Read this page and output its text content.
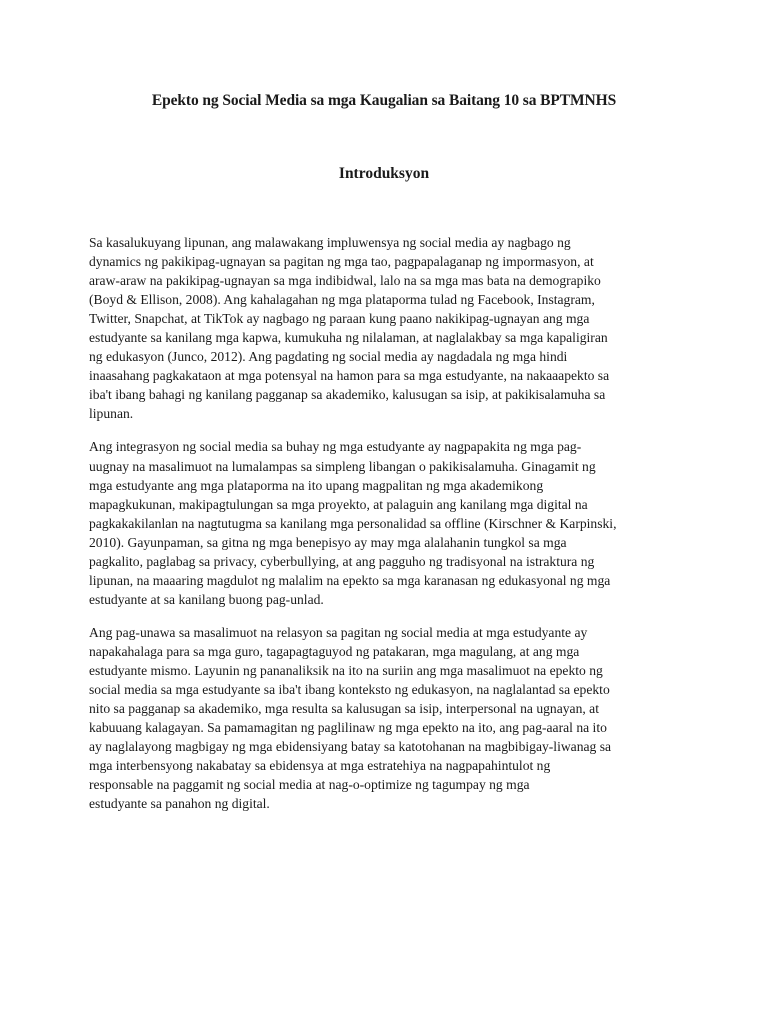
Epekto ng Social Media sa mga Kaugalian sa Baitang 10 sa BPTMNHS
Introduksyon

Sa kasalukuyang lipunan, ang malawakang impluwensya ng social media ay nagbago ng
dynamics ng pakikipag-ugnayan sa pagitan ng mga tao, pagpapalaganap ng impormasyon, at
araw-araw na pakikipag-ugnayan sa mga indibidwal, lalo na sa mga mas bata na demograpiko
(Boyd & Ellison, 2008). Ang kahalagahan ng mga plataporma tulad ng Facebook, Instagram,
Twitter, Snapchat, at TikTok ay nagbago ng paraan kung paano nakikipag-ugnayan ang mga
estudyante sa kanilang mga kapwa, kumukuha ng nilalaman, at naglalakbay sa mga kapaligiran
ng edukasyon (Junco, 2012). Ang pagdating ng social media ay nagdadala ng mga hindi
inaasahang pagkakataon at mga potensyal na hamon para sa mga estudyante, na nakaaapekto sa
iba't ibang bahagi ng kanilang pagganap sa akademiko, kalusugan sa isip, at pakikisalamuha sa
lipunan.

Ang integrasyon ng social media sa buhay ng mga estudyante ay nagpapakita ng mga pag-
uugnay na masalimuot na lumalampas sa simpleng libangan o pakikisalamuha. Ginagamit ng
mga estudyante ang mga plataporma na ito upang magpalitan ng mga akademikong
mapagkukunan, makipagtulungan sa mga proyekto, at palaguin ang kanilang mga digital na
pagkakakilanlan na nagtutugma sa kanilang mga personalidad sa offline (Kirschner & Karpinski,
2010). Gayunpaman, sa gitna ng mga benepisyo ay may mga alalahanin tungkol sa mga
pagkalito, paglabag sa privacy, cyberbullying, at ang pagguho ng tradisyonal na istraktura ng
lipunan, na maaaring magdulot ng malalim na epekto sa mga karanasan ng edukasyonal ng mga
estudyante at sa kanilang buong pag-unlad.

Ang pag-unawa sa masalimuot na relasyon sa pagitan ng social media at mga estudyante ay
napakahalaga para sa mga guro, tagapagtaguyod ng patakaran, mga magulang, at ang mga
estudyante mismo. Layunin ng pananaliksik na ito na suriin ang mga masalimuot na epekto ng
social media sa mga estudyante sa iba't ibang konteksto ng edukasyon, na naglalantad sa epekto
nito sa pagganap sa akademiko, mga resulta sa kalusugan sa isip, interpersonal na ugnayan, at
kabuuang kalagayan. Sa pamamagitan ng paglilinaw ng mga epekto na ito, ang pag-aaral na ito
ay naglalayong magbigay ng mga ebidensiyang batay sa katotohanan na magbibigay-liwanag sa
mga interbensyong nakabatay sa ebidensya at mga estratehiya na nagpapahintulot ng
responsable na paggamit ng social media at nag-o-optimize ng tagumpay ng mga
estudyante sa panahon ng digital.
